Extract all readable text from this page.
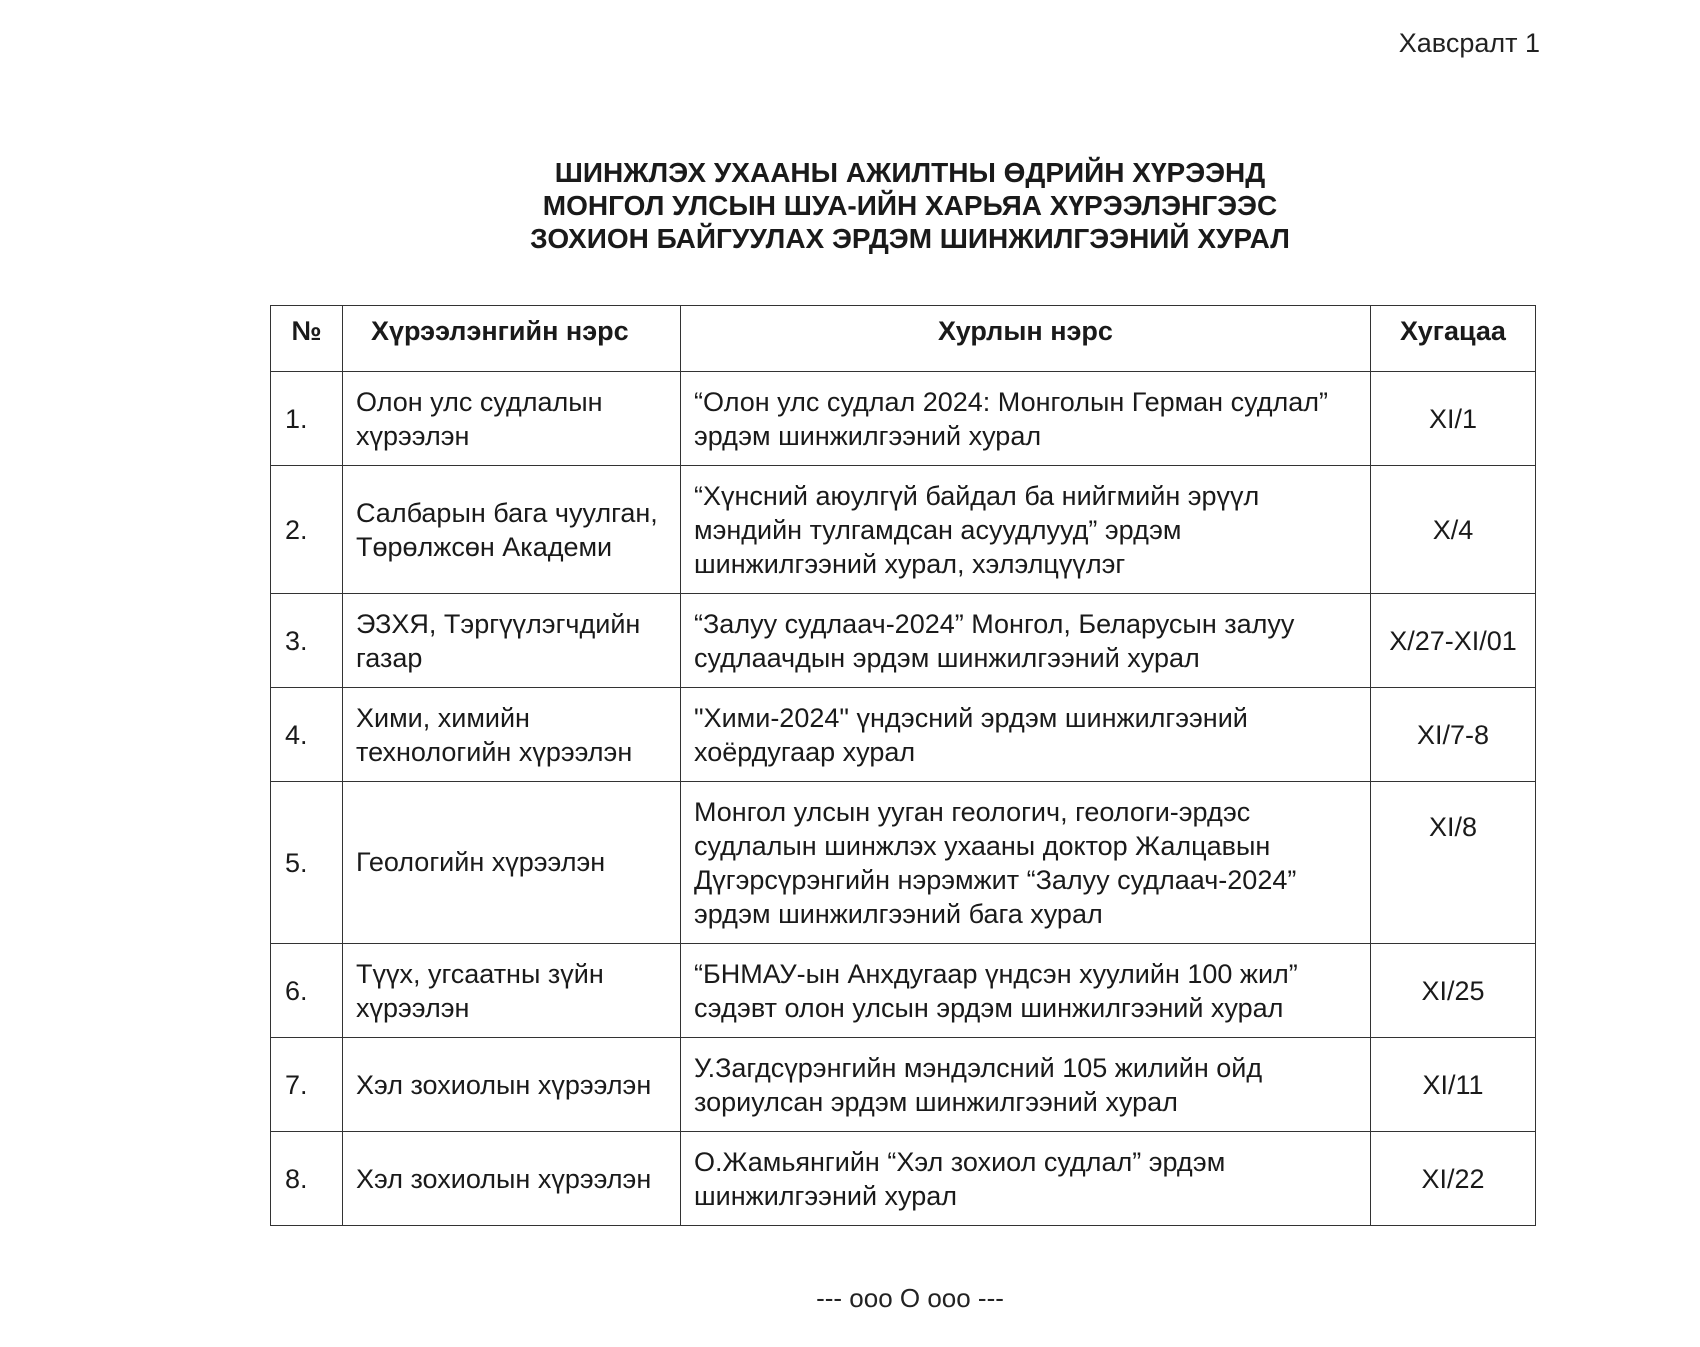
Хавсралт 1
ШИНЖЛЭХ УХААНЫ АЖИЛТНЫ ӨДРИЙН ХҮРЭЭНД
МОНГОЛ УЛСЫН ШУА-ИЙН ХАРЬЯА ХҮРЭЭЛЭНГЭЭС
ЗОХИОН БАЙГУУЛАХ ЭРДЭМ ШИНЖИЛГЭЭНИЙ ХУРАЛ
№	Хүрээлэнгийн нэрс	Хурлын нэрс	Хугацаа
1.	Олон улс судлалын хүрээлэн	“Олон улс судлал 2024: Монголын Герман судлал” эрдэм шинжилгээний хурал	XI/1
2.	Салбарын бага чуулган, Төрөлжсөн Академи	“Хүнсний аюулгүй байдал ба нийгмийн эрүүл мэндийн тулгамдсан асуудлууд” эрдэм шинжилгээний хурал, хэлэлцүүлэг	X/4
3.	ЭЗХЯ, Тэргүүлэгчдийн газар	“Залуу судлаач-2024” Монгол, Беларусын залуу судлаачдын эрдэм шинжилгээний хурал	X/27-XI/01
4.	Хими, химийн технологийн хүрээлэн	"Хими-2024" үндэсний эрдэм шинжилгээний хоёрдугаар хурал	XI/7-8
5.	Геологийн хүрээлэн	Монгол улсын ууган геологич, геологи-эрдэс судлалын шинжлэх ухааны доктор Жалцавын Дүгэрсүрэнгийн нэрэмжит “Залуу судлаач-2024” эрдэм шинжилгээний бага хурал	XI/8
6.	Түүх, угсаатны зүйн хүрээлэн	“БНМАУ-ын Анхдугаар үндсэн хуулийн 100 жил” сэдэвт олон улсын эрдэм шинжилгээний хурал	XI/25
7.	Хэл зохиолын хүрээлэн	У.Загдсүрэнгийн мэндэлсний 105 жилийн ойд зориулсан эрдэм шинжилгээний хурал	XI/11
8.	Хэл зохиолын хүрээлэн	О.Жамьянгийн “Хэл зохиол судлал” эрдэм шинжилгээний хурал	XI/22
--- ooo O ooo ---
